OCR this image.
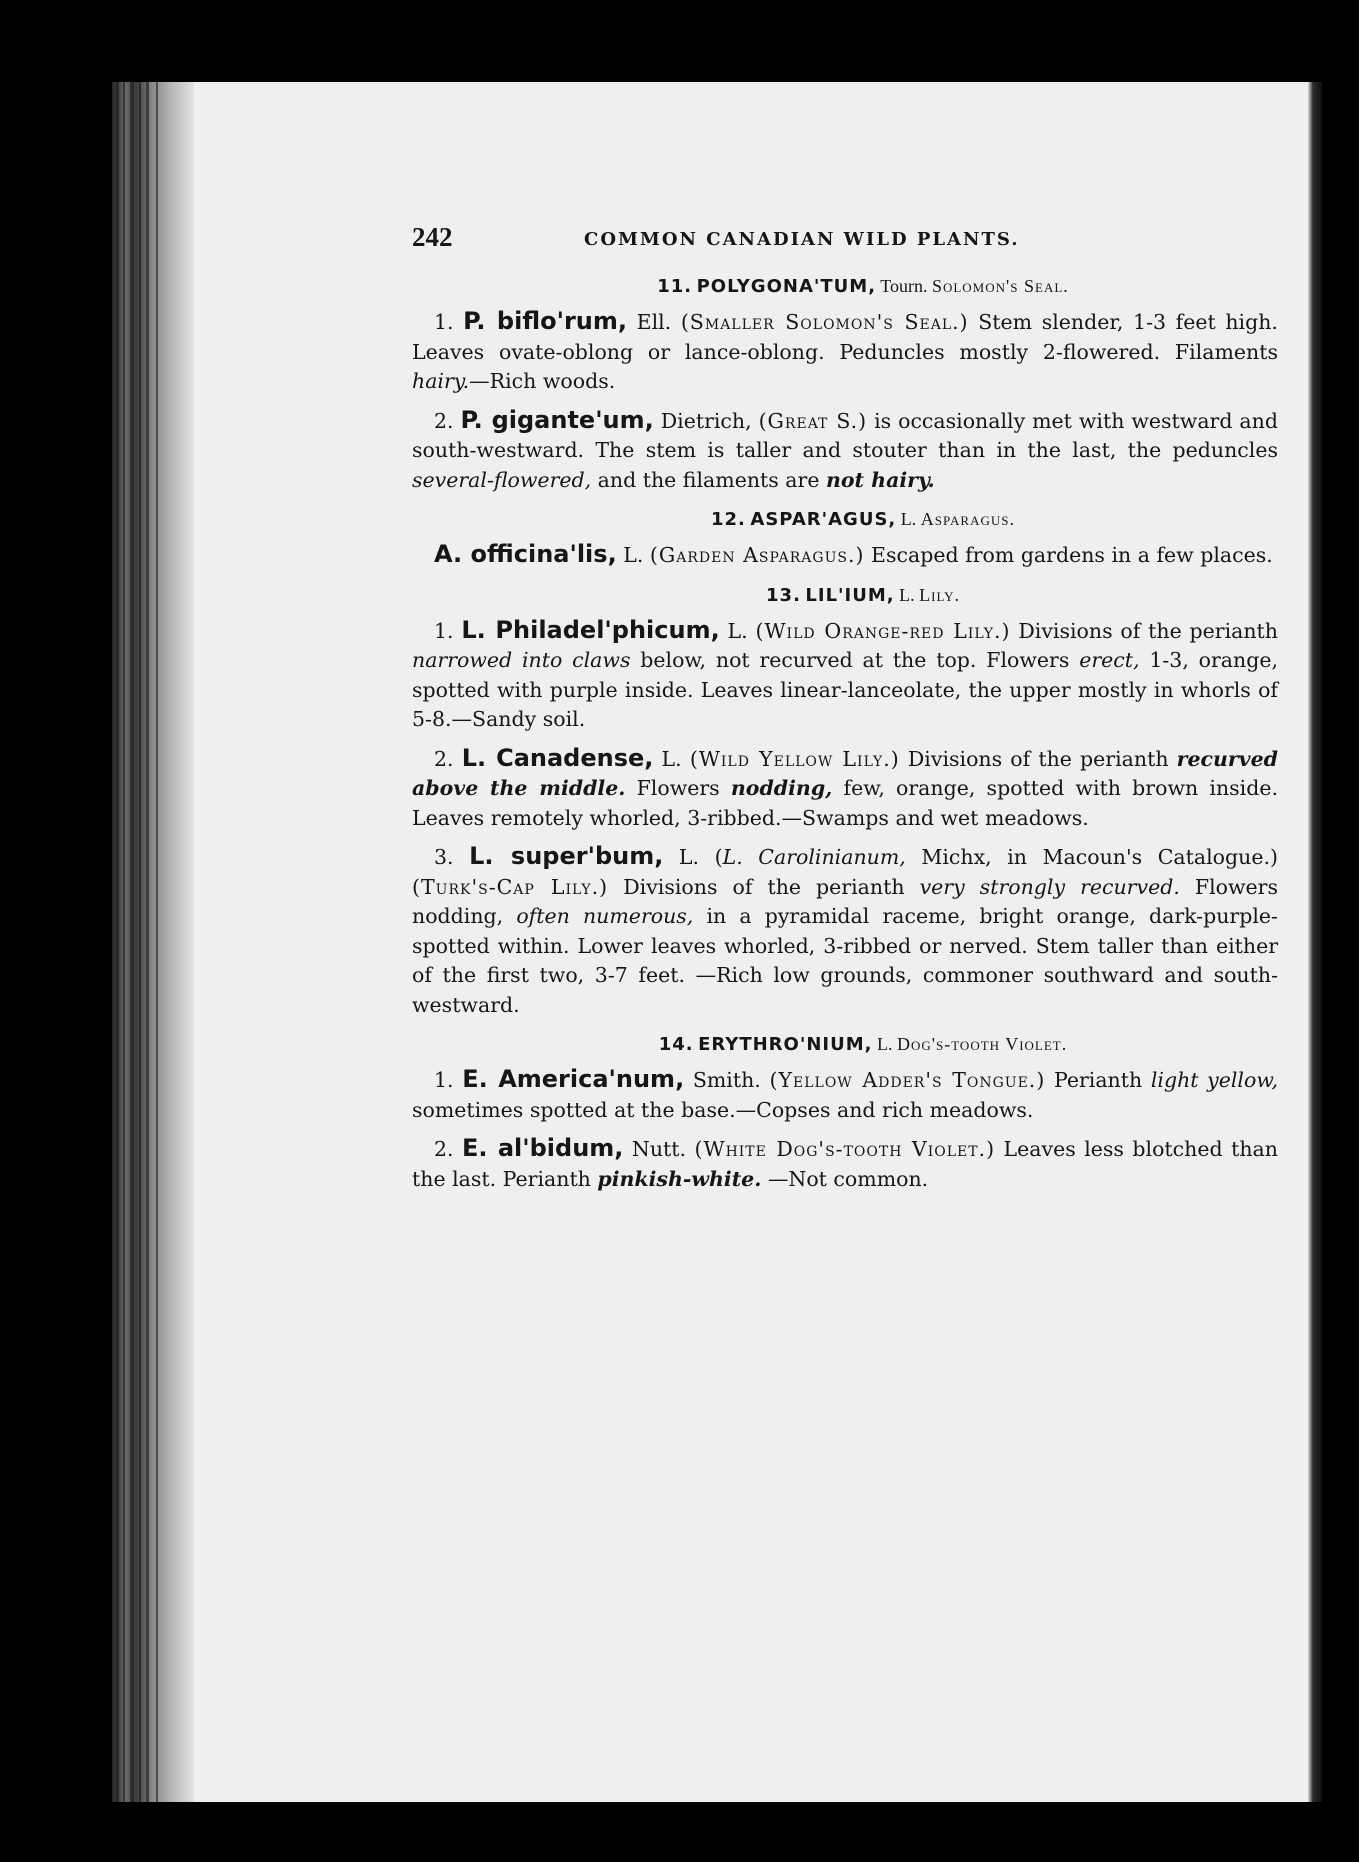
242	COMMON CANADIAN WILD PLANTS.
11. POLYGONA'TUM, Tourn. Solomon's Seal.

1. P. biflo'rum, Ell. (Smaller Solomon's Seal.) Stem slender, 1-3 feet high. Leaves ovate-oblong or lance-oblong. Peduncles mostly 2-flowered. Filaments hairy.—Rich woods.

2. P. gigante'um, Dietrich, (Great S.) is occasionally met with westward and south-westward. The stem is taller and stouter than in the last, the peduncles several-flowered, and the filaments are not hairy.

12. ASPAR'AGUS, L. Asparagus.

A. officina'lis, L. (Garden Asparagus.) Escaped from gardens in a few places.

13. LIL'IUM, L. Lily.

1. L. Philadel'phicum, L. (Wild Orange-red Lily.) Divisions of the perianth narrowed into claws below, not recurved at the top. Flowers erect, 1-3, orange, spotted with purple inside. Leaves linear-lanceolate, the upper mostly in whorls of 5-8.—Sandy soil.

2. L. Canadense, L. (Wild Yellow Lily.) Divisions of the perianth recurved above the middle. Flowers nodding, few, orange, spotted with brown inside. Leaves remotely whorled, 3-ribbed.—Swamps and wet meadows.

3. L. super'bum, L. (L. Carolinianum, Michx, in Macoun's Catalogue.) (Turk's-Cap Lily.) Divisions of the perianth very strongly recurved. Flowers nodding, often numerous, in a pyramidal raceme, bright orange, dark-purple-spotted within. Lower leaves whorled, 3-ribbed or nerved. Stem taller than either of the first two, 3-7 feet. —Rich low grounds, commoner southward and south-westward.

14. ERYTHRO'NIUM, L. Dog's-tooth Violet.

1. E. America'num, Smith. (Yellow Adder's Tongue.) Perianth light yellow, sometimes spotted at the base.—Copses and rich meadows.

2. E. al'bidum, Nutt. (White Dog's-tooth Violet.) Leaves less blotched than the last. Perianth pinkish-white. —Not common.
